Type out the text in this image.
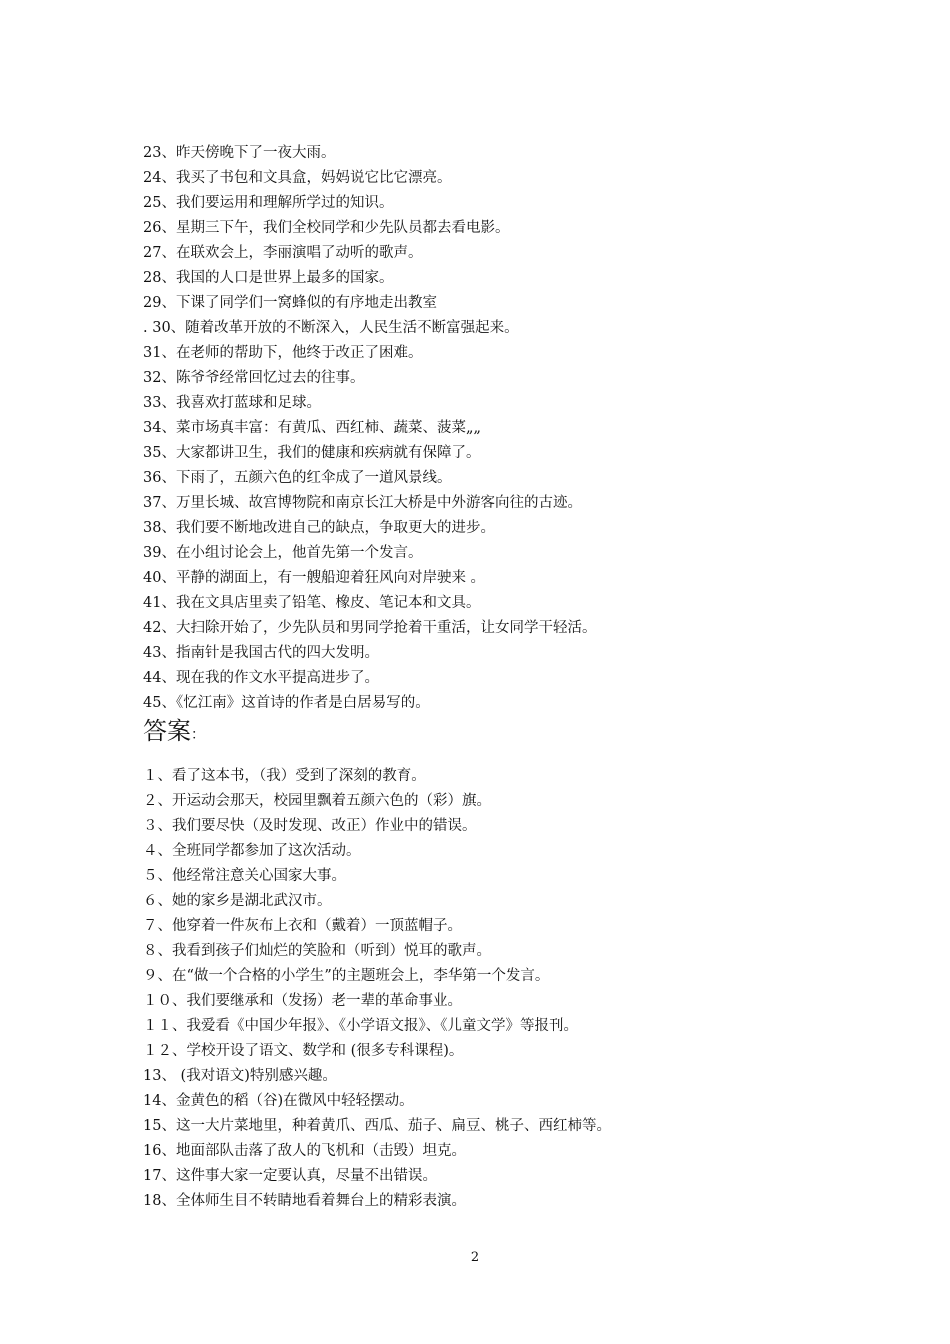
23、昨天傍晚下了一夜大雨。
24、我买了书包和文具盒，妈妈说它比它漂亮。
25、我们要运用和理解所学过的知识。
26、星期三下午，我们全校同学和少先队员都去看电影。
27、在联欢会上，李丽演唱了动听的歌声。
28、我国的人口是世界上最多的国家。
29、下课了同学们一窝蜂似的有序地走出教室
. 30、随着改革开放的不断深入，人民生活不断富强起来。
31、在老师的帮助下，他终于改正了困难。
32、陈爷爷经常回忆过去的往事。
33、我喜欢打蓝球和足球。
34、菜市场真丰富：有黄瓜、西红柿、蔬菜、菠菜„„
35、大家都讲卫生，我们的健康和疾病就有保障了。
36、下雨了，五颜六色的红伞成了一道风景线。
37、万里长城、故宫博物院和南京长江大桥是中外游客向往的古迹。
38、我们要不断地改进自己的缺点，争取更大的进步。
39、在小组讨论会上，他首先第一个发言。
40、平静的湖面上，有一艘船迎着狂风向对岸驶来 。
41、我在文具店里卖了铅笔、橡皮、笔记本和文具。
42、大扫除开始了，少先队员和男同学抢着干重活，让女同学干轻活。
43、指南针是我国古代的四大发明。
44、现在我的作文水平提高进步了。
45、《忆江南》这首诗的作者是白居易写的。
答案：
１、看了这本书，（我）受到了深刻的教育。
２、开运动会那天，校园里飘着五颜六色的（彩）旗。
３、我们要尽快（及时发现、改正）作业中的错误。
４、全班同学都参加了这次活动。
５、他经常注意关心国家大事。
６、她的家乡是湖北武汉市。
７、他穿着一件灰布上衣和（戴着）一顶蓝帽子。
８、我看到孩子们灿烂的笑脸和（听到）悦耳的歌声。
９、在“做一个合格的小学生”的主题班会上，李华第一个发言。
１０、我们要继承和（发扬）老一辈的革命事业。
１１、我爱看《中国少年报》、《小学语文报》、《儿童文学》等报刊。
１２、学校开设了语文、数学和 (很多专科课程)。
13、 (我对语文)特别感兴趣。
14、金黄色的稻（谷)在微风中轻轻摆动。
15、这一大片菜地里，种着黄爪、西瓜、茄子、扁豆、桃子、西红柿等。
16、地面部队击落了敌人的飞机和（击毁）坦克。
17、这件事大家一定要认真，尽量不出错误。
18、全体师生目不转睛地看着舞台上的精彩表演。
2
